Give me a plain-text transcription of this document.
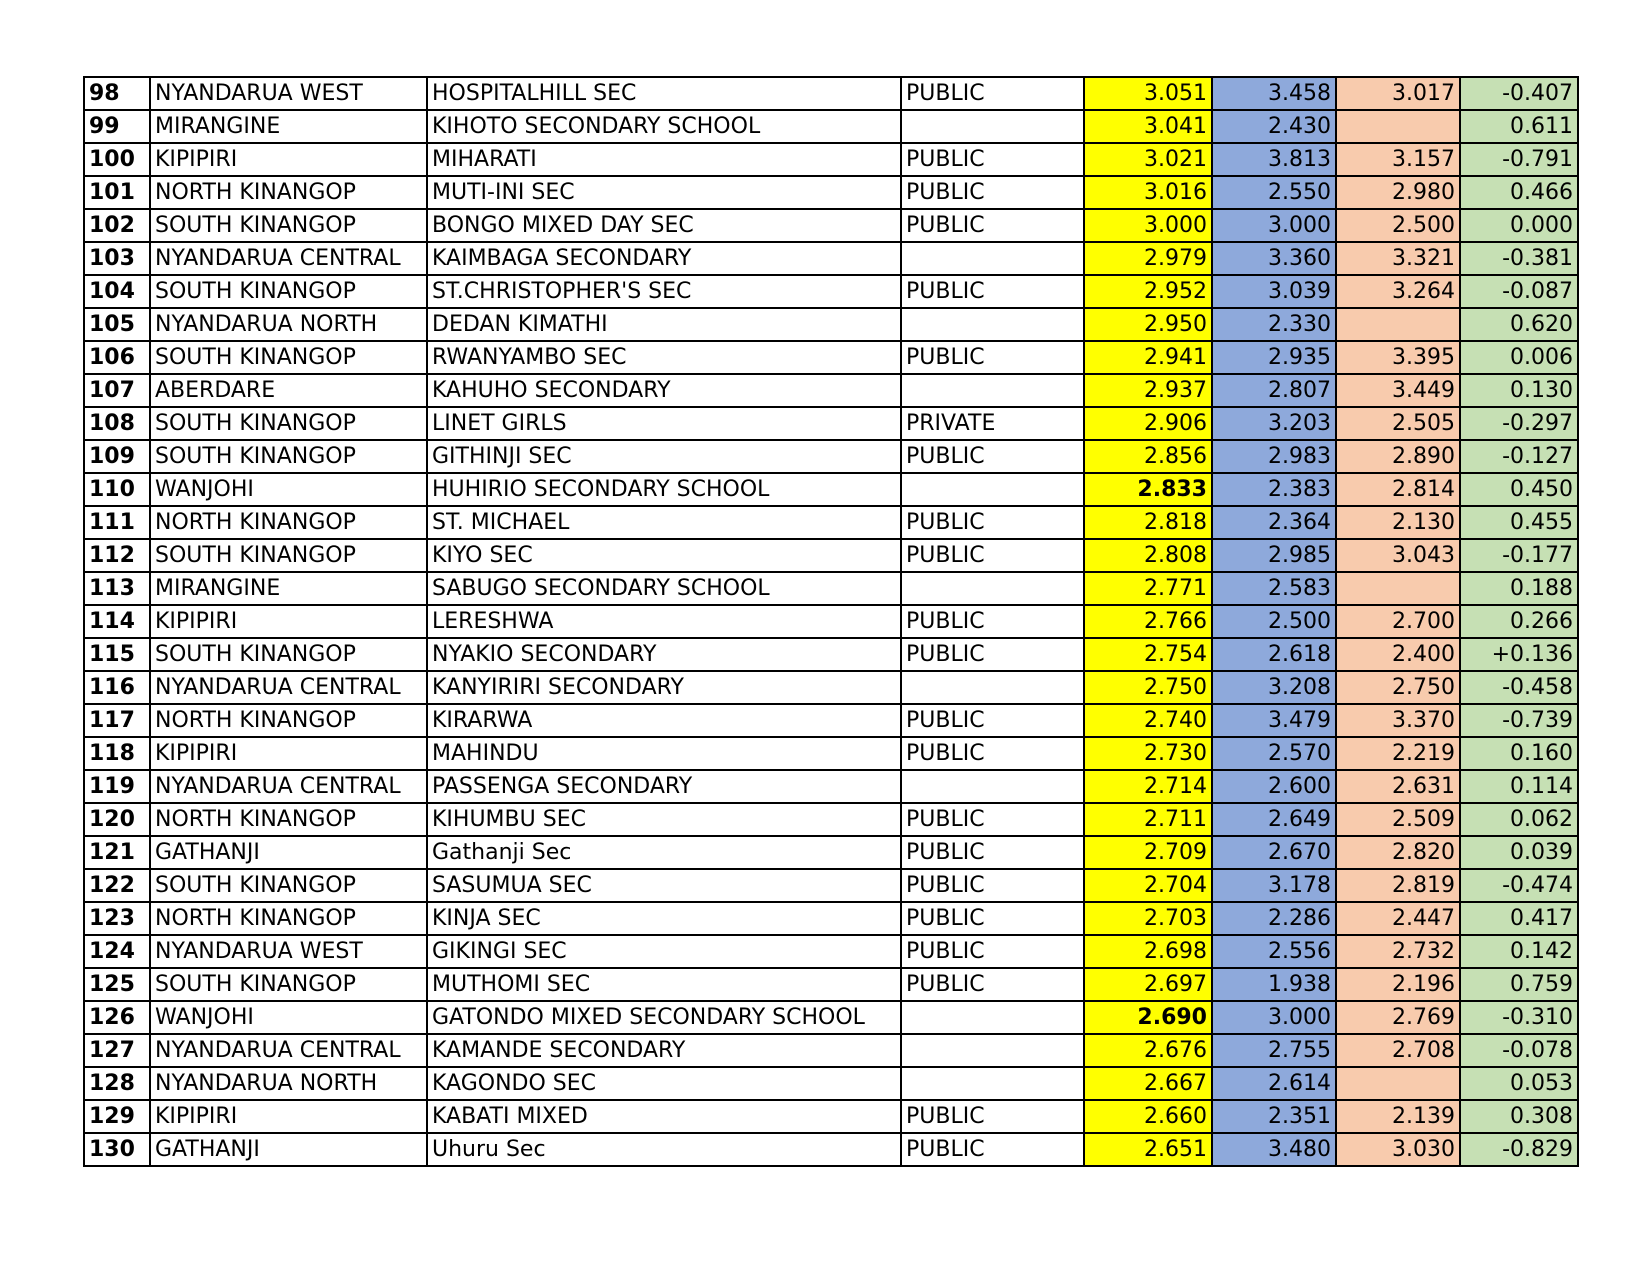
98	NYANDARUA WEST	HOSPITALHILL SEC	PUBLIC	3.051	3.458	3.017	-0.407
99	MIRANGINE	KIHOTO SECONDARY SCHOOL		3.041	2.430		0.611
100	KIPIPIRI	MIHARATI	PUBLIC	3.021	3.813	3.157	-0.791
101	NORTH KINANGOP	MUTI-INI SEC	PUBLIC	3.016	2.550	2.980	0.466
102	SOUTH KINANGOP	BONGO MIXED DAY SEC	PUBLIC	3.000	3.000	2.500	0.000
103	NYANDARUA CENTRAL	KAIMBAGA SECONDARY		2.979	3.360	3.321	-0.381
104	SOUTH KINANGOP	ST.CHRISTOPHER'S SEC	PUBLIC	2.952	3.039	3.264	-0.087
105	NYANDARUA NORTH	DEDAN KIMATHI		2.950	2.330		0.620
106	SOUTH KINANGOP	RWANYAMBO SEC	PUBLIC	2.941	2.935	3.395	0.006
107	ABERDARE	KAHUHO SECONDARY		2.937	2.807	3.449	0.130
108	SOUTH KINANGOP	LINET GIRLS	PRIVATE	2.906	3.203	2.505	-0.297
109	SOUTH KINANGOP	GITHINJI SEC	PUBLIC	2.856	2.983	2.890	-0.127
110	WANJOHI	HUHIRIO SECONDARY SCHOOL		2.833	2.383	2.814	0.450
111	NORTH KINANGOP	ST. MICHAEL	PUBLIC	2.818	2.364	2.130	0.455
112	SOUTH KINANGOP	KIYO SEC	PUBLIC	2.808	2.985	3.043	-0.177
113	MIRANGINE	SABUGO SECONDARY SCHOOL		2.771	2.583		0.188
114	KIPIPIRI	LERESHWA	PUBLIC	2.766	2.500	2.700	0.266
115	SOUTH KINANGOP	NYAKIO SECONDARY	PUBLIC	2.754	2.618	2.400	+0.136
116	NYANDARUA CENTRAL	KANYIRIRI SECONDARY		2.750	3.208	2.750	-0.458
117	NORTH KINANGOP	KIRARWA	PUBLIC	2.740	3.479	3.370	-0.739
118	KIPIPIRI	MAHINDU	PUBLIC	2.730	2.570	2.219	0.160
119	NYANDARUA CENTRAL	PASSENGA SECONDARY		2.714	2.600	2.631	0.114
120	NORTH KINANGOP	KIHUMBU SEC	PUBLIC	2.711	2.649	2.509	0.062
121	GATHANJI	Gathanji Sec	PUBLIC	2.709	2.670	2.820	0.039
122	SOUTH KINANGOP	SASUMUA SEC	PUBLIC	2.704	3.178	2.819	-0.474
123	NORTH KINANGOP	KINJA SEC	PUBLIC	2.703	2.286	2.447	0.417
124	NYANDARUA WEST	GIKINGI SEC	PUBLIC	2.698	2.556	2.732	0.142
125	SOUTH KINANGOP	MUTHOMI SEC	PUBLIC	2.697	1.938	2.196	0.759
126	WANJOHI	GATONDO MIXED SECONDARY SCHOOL		2.690	3.000	2.769	-0.310
127	NYANDARUA CENTRAL	KAMANDE SECONDARY		2.676	2.755	2.708	-0.078
128	NYANDARUA NORTH	KAGONDO SEC		2.667	2.614		0.053
129	KIPIPIRI	KABATI MIXED	PUBLIC	2.660	2.351	2.139	0.308
130	GATHANJI	Uhuru Sec	PUBLIC	2.651	3.480	3.030	-0.829
